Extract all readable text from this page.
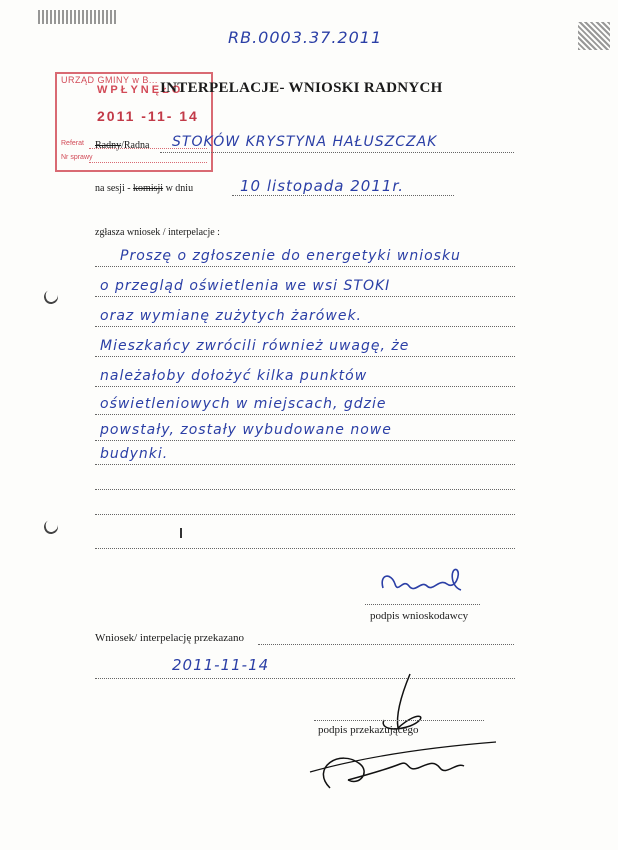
RB.0003.37.2011
URZĄD GMINY w B...
WPŁYNĘŁO
2011 -11- 14
Referat
Nr sprawy
INTERPELACJE- WNIOSKI RADNYCH
Radny/Radna STOKÓW KRYSTYNA HAŁUSZCZAK
na sesji - komisji w dniu	10 listopada 2011r.
zgłasza wniosek / interpelacje :
Proszę o zgłoszenie do energetyki wniosku
o przegląd oświetlenia we wsi STOKI
oraz wymianę zużytych żarówek.
Mieszkańcy zwrócili również uwagę, że
należałoby dołożyć kilka punktów
oświetleniowych w miejscach, gdzie
powstały, zostały wybudowane nowe
budynki.
podpis wnioskodawcy
Wniosek/ interpelację przekazano
2011-11-14
podpis przekazującego
